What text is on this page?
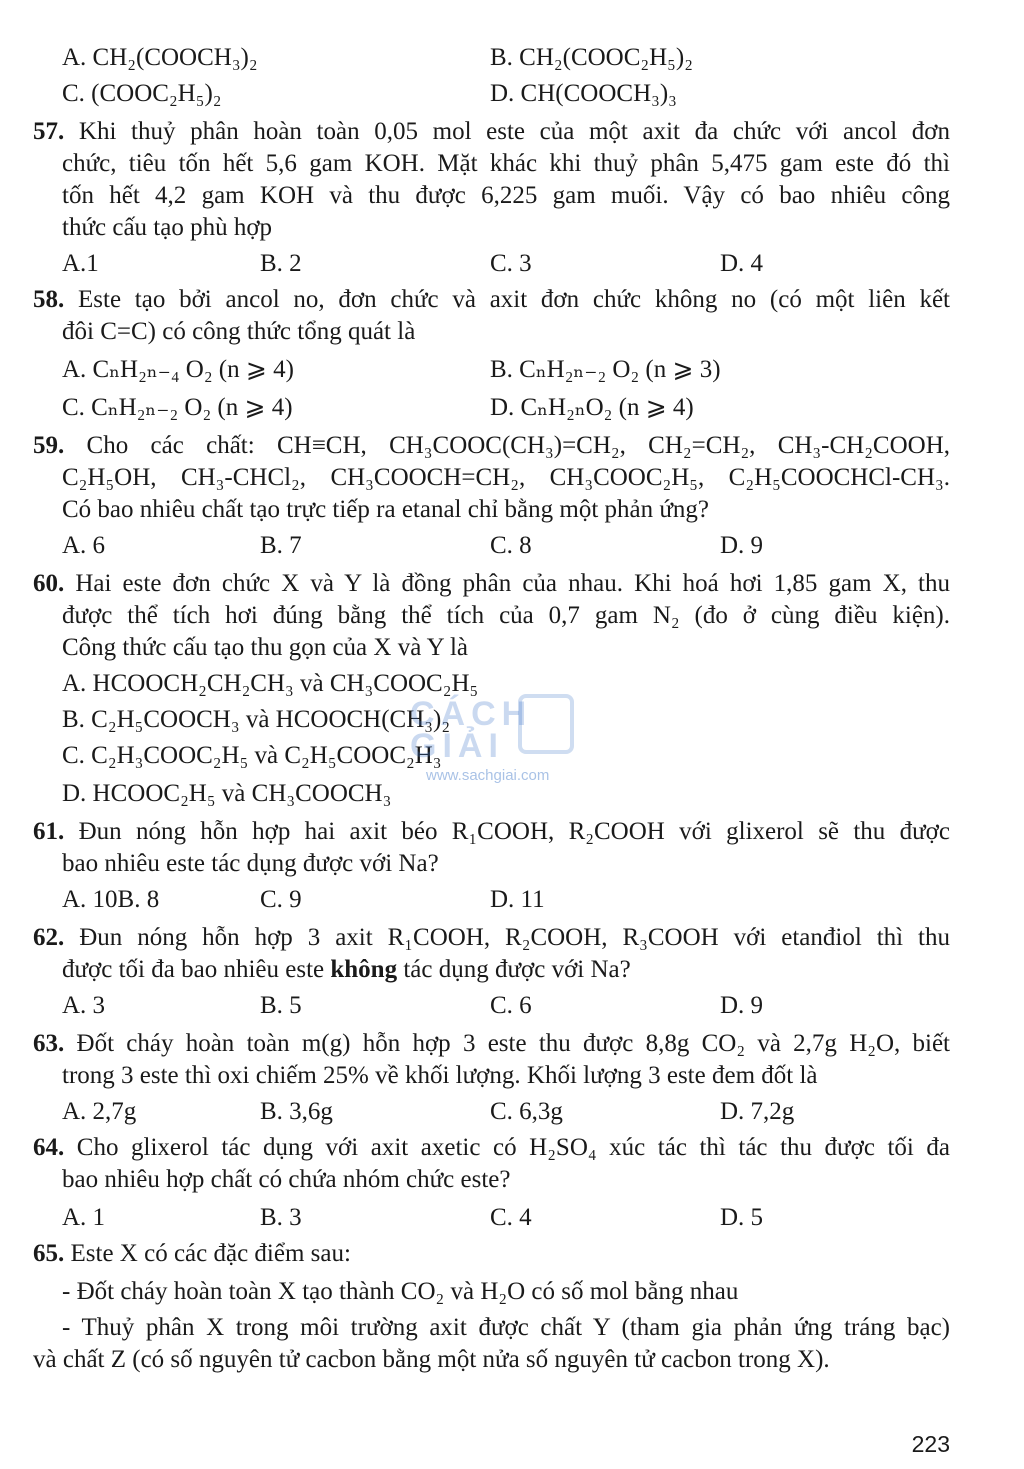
A. CH₂(COOCH₃)₂	B. CH₂(COOC₂H₅)₂
C. (COOC₂H₅)₂	D. CH(COOCH₃)₃
57. Khi thuỷ phân hoàn toàn 0,05 mol este của một axit đa chức với ancol đơn
chức, tiêu tốn hết 5,6 gam KOH. Mặt khác khi thuỷ phân 5,475 gam este đó thì
tốn hết 4,2 gam KOH và thu được 6,225 gam muối. Vậy có bao nhiêu công
thức cấu tạo phù hợp
A.1	B. 2	C. 3	D. 4
58. Este tạo bởi ancol no, đơn chức và axit đơn chức không no (có một liên kết
đôi C=C) có công thức tổng quát là
A. CₙH₂ₙ₋₄ O₂ (n ⩾ 4)	B. CₙH₂ₙ₋₂ O₂ (n ⩾ 3)
C. CₙH₂ₙ₋₂ O₂ (n ⩾ 4)	D. CₙH₂ₙO₂ (n ⩾ 4)
59. Cho các chất: CH≡CH, CH₃COOC(CH₃)=CH₂, CH₂=CH₂, CH₃-CH₂COOH,
C₂H₅OH, CH₃-CHCl₂, CH₃COOCH=CH₂, CH₃COOC₂H₅, C₂H₅COOCHCl-CH₃.
Có bao nhiêu chất tạo trực tiếp ra etanal chỉ bằng một phản ứng?
A. 6	B. 7	C. 8	D. 9
60. Hai este đơn chức X và Y là đồng phân của nhau. Khi hoá hơi 1,85 gam X, thu
được thể tích hơi đúng bằng thể tích của 0,7 gam N₂ (đo ở cùng điều kiện).
Công thức cấu tạo thu gọn của X và Y là
A. HCOOCH₂CH₂CH₃ và CH₃COOC₂H₅
B. C₂H₅COOCH₃ và HCOOCH(CH₃)₂
C. C₂H₃COOC₂H₅ và C₂H₅COOC₂H₃
D. HCOOC₂H₅ và CH₃COOCH₃
CÁCH GIẢI
www.sachgiai.com
61. Đun nóng hỗn hợp hai axit béo R₁COOH, R₂COOH với glixerol sẽ thu được
bao nhiêu este tác dụng được với Na?
A. 10B. 8	C. 9	D. 11
62. Đun nóng hỗn hợp 3 axit R₁COOH, R₂COOH, R₃COOH với etanđiol thì thu
được tối đa bao nhiêu este không tác dụng được với Na?
A. 3	B. 5	C. 6	D. 9
63. Đốt cháy hoàn toàn m(g) hỗn hợp 3 este thu được 8,8g CO₂ và 2,7g H₂O, biết
trong 3 este thì oxi chiếm 25% về khối lượng. Khối lượng 3 este đem đốt là
A. 2,7g	B. 3,6g	C. 6,3g	D. 7,2g
64. Cho glixerol tác dụng với axit axetic có H₂SO₄ xúc tác thì tác thu được tối đa
bao nhiêu hợp chất có chứa nhóm chức este?
A. 1	B. 3	C. 4	D. 5
65. Este X có các đặc điểm sau:
- Đốt cháy hoàn toàn X tạo thành CO₂ và H₂O có số mol bằng nhau
- Thuỷ phân X trong môi trường axit được chất Y (tham gia phản ứng tráng bạc)
và chất Z (có số nguyên tử cacbon bằng một nửa số nguyên tử cacbon trong X).
223
